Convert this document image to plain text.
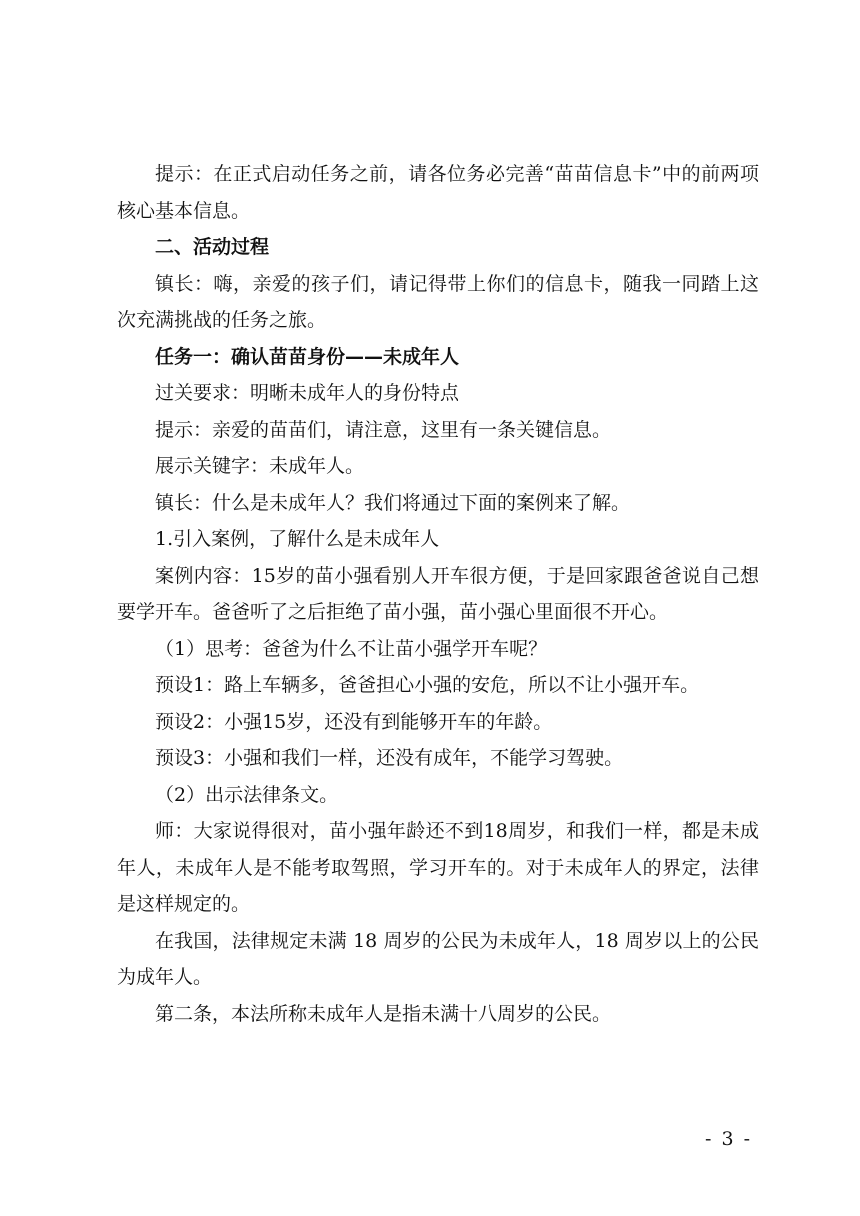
提示：在正式启动任务之前，请各位务必完善“苗苗信息卡”中的前两项核心基本信息。

二、活动过程

镇长：嗨，亲爱的孩子们，请记得带上你们的信息卡，随我一同踏上这次充满挑战的任务之旅。

任务一：确认苗苗身份——未成年人

过关要求：明晰未成年人的身份特点

提示：亲爱的苗苗们，请注意，这里有一条关键信息。

展示关键字：未成年人。

镇长：什么是未成年人？我们将通过下面的案例来了解。

1.引入案例，了解什么是未成年人

案例内容：15岁的苗小强看别人开车很方便，于是回家跟爸爸说自己想要学开车。爸爸听了之后拒绝了苗小强，苗小强心里面很不开心。

（1）思考：爸爸为什么不让苗小强学开车呢？

预设1：路上车辆多，爸爸担心小强的安危，所以不让小强开车。

预设2：小强15岁，还没有到能够开车的年龄。

预设3：小强和我们一样，还没有成年，不能学习驾驶。

（2）出示法律条文。

师：大家说得很对，苗小强年龄还不到18周岁，和我们一样，都是未成年人，未成年人是不能考取驾照，学习开车的。对于未成年人的界定，法律是这样规定的。

在我国，法律规定未满 18 周岁的公民为未成年人，18 周岁以上的公民为成年人。

第二条，本法所称未成年人是指未满十八周岁的公民。

- 3 -
